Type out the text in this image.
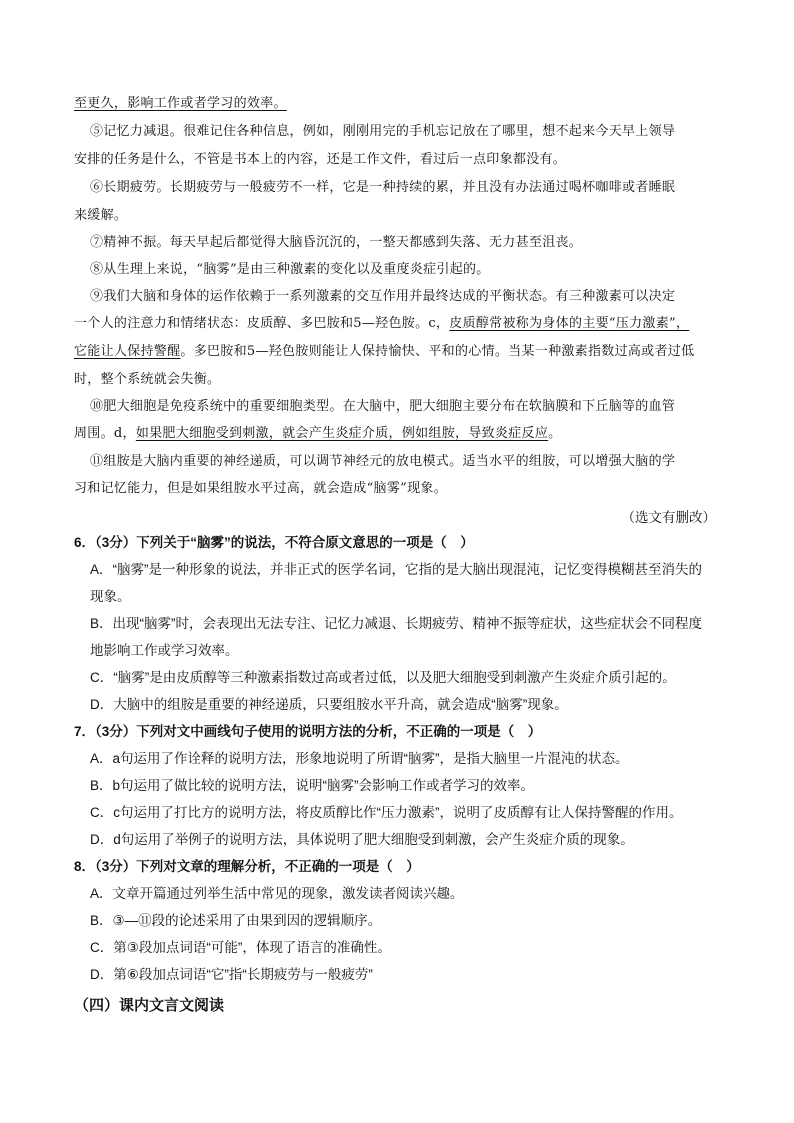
至更久，影响工作或者学习的效率。
⑤记忆力减退。很难记住各种信息，例如，刚刚用完的手机忘记放在了哪里，想不起来今天早上领导
安排的任务是什么，不管是书本上的内容，还是工作文件，看过后一点印象都没有。
⑥长期疲劳。长期疲劳与一般疲劳不一样，它是一种持续的累，并且没有办法通过喝杯咖啡或者睡眠
来缓解。
⑦精神不振。每天早起后都觉得大脑昏沉沉的，一整天都感到失落、无力甚至沮丧。
⑧从生理上来说，“脑雾”是由三种激素的变化以及重度炎症引起的。
⑨我们大脑和身体的运作依赖于一系列激素的交互作用并最终达成的平衡状态。有三种激素可以决定
一个人的注意力和情绪状态：皮质醇、多巴胺和5—羟色胺。c，皮质醇常被称为身体的主要“压力激素”，
它能让人保持警醒。多巴胺和5—羟色胺则能让人保持愉快、平和的心情。当某一种激素指数过高或者过低
时，整个系统就会失衡。
⑩肥大细胞是免疫系统中的重要细胞类型。在大脑中，肥大细胞主要分布在软脑膜和下丘脑等的血管
周围。d，如果肥大细胞受到刺激，就会产生炎症介质，例如组胺，导致炎症反应。
⑪组胺是大脑内重要的神经递质，可以调节神经元的放电模式。适当水平的组胺，可以增强大脑的学
习和记忆能力，但是如果组胺水平过高，就会造成“脑雾”现象。
（选文有删改）
6．（3分）下列关于“脑雾”的说法，不符合原文意思的一项是（　）
A．“脑雾”是一种形象的说法，并非正式的医学名词，它指的是大脑出现混沌，记忆变得模糊甚至消失的
现象。
B．出现“脑雾”时，会表现出无法专注、记忆力减退、长期疲劳、精神不振等症状，这些症状会不同程度
地影响工作或学习效率。
C．“脑雾”是由皮质醇等三种激素指数过高或者过低，以及肥大细胞受到刺激产生炎症介质引起的。
D．大脑中的组胺是重要的神经递质，只要组胺水平升高，就会造成“脑雾”现象。
7．（3分）下列对文中画线句子使用的说明方法的分析，不正确的一项是（　）
A．a句运用了作诠释的说明方法，形象地说明了所谓“脑雾”，是指大脑里一片混沌的状态。
B．b句运用了做比较的说明方法，说明“脑雾”会影响工作或者学习的效率。
C．c句运用了打比方的说明方法，将皮质醇比作“压力激素”，说明了皮质醇有让人保持警醒的作用。
D．d句运用了举例子的说明方法，具体说明了肥大细胞受到刺激，会产生炎症介质的现象。
8．（3分）下列对文章的理解分析，不正确的一项是（　）
A．文章开篇通过列举生活中常见的现象，激发读者阅读兴趣。
B．③—⑪段的论述采用了由果到因的逻辑顺序。
C．第③段加点词语“可能”，体现了语言的准确性。
D．第⑥段加点词语“它”指“长期疲劳与一般疲劳”
（四）课内文言文阅读
